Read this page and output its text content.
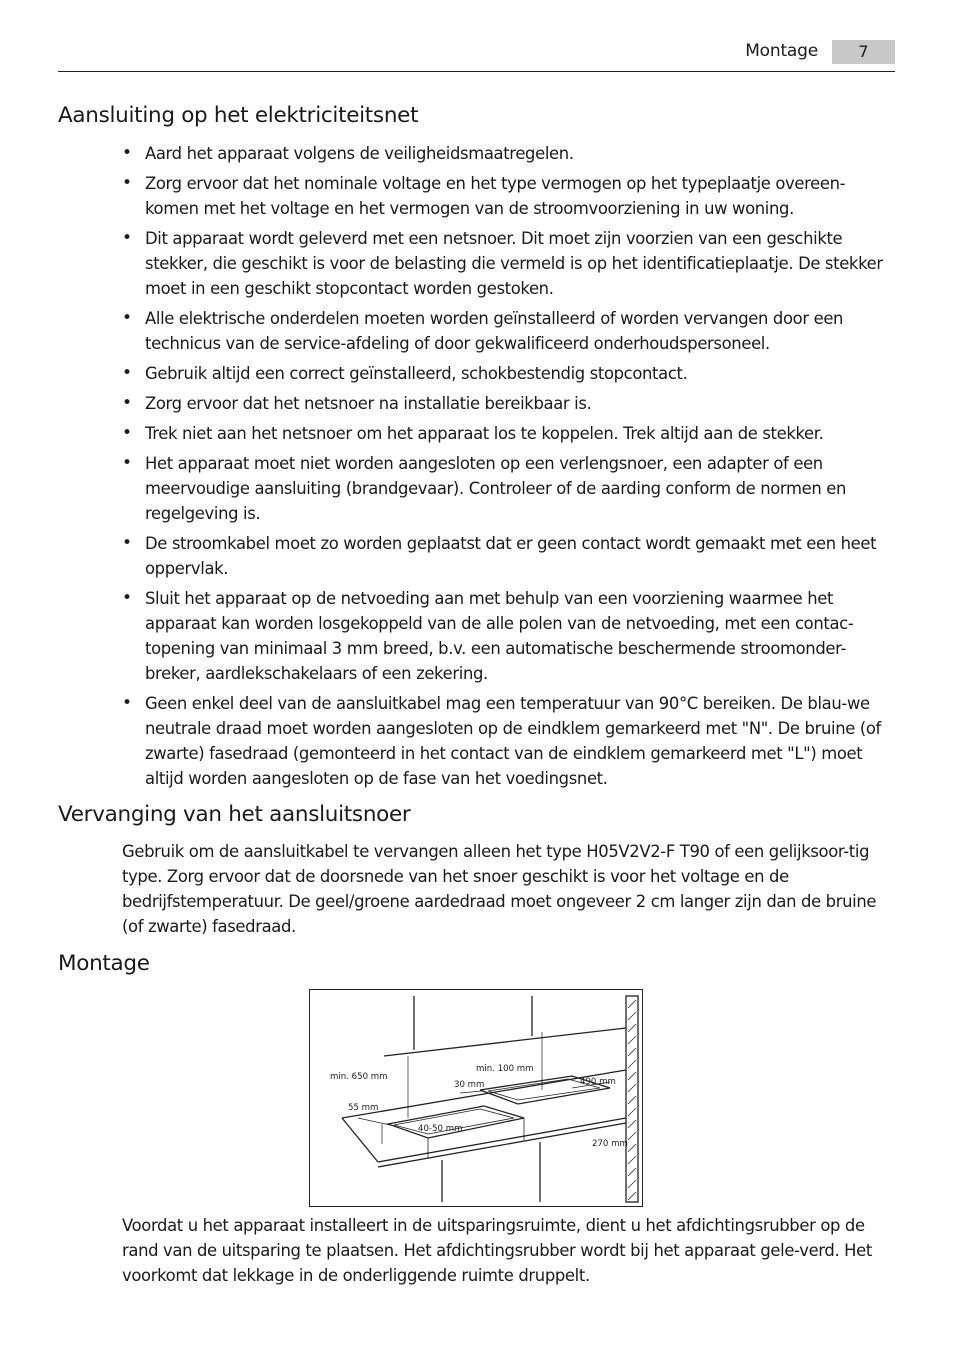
Montage	7
Aansluiting op het elektriciteitsnet
• Aard het apparaat volgens de veiligheidsmaatregelen.
• Zorg ervoor dat het nominale voltage en het type vermogen op het typeplaatje overeen-komen met het voltage en het vermogen van de stroomvoorziening in uw woning.
• Dit apparaat wordt geleverd met een netsnoer. Dit moet zijn voorzien van een geschikte stekker, die geschikt is voor de belasting die vermeld is op het identificatieplaatje. De stekker moet in een geschikt stopcontact worden gestoken.
• Alle elektrische onderdelen moeten worden geïnstalleerd of worden vervangen door een technicus van de service-afdeling of door gekwalificeerd onderhoudspersoneel.
• Gebruik altijd een correct geïnstalleerd, schokbestendig stopcontact.
• Zorg ervoor dat het netsnoer na installatie bereikbaar is.
• Trek niet aan het netsnoer om het apparaat los te koppelen. Trek altijd aan de stekker.
• Het apparaat moet niet worden aangesloten op een verlengsnoer, een adapter of een meervoudige aansluiting (brandgevaar). Controleer of de aarding conform de normen en regelgeving is.
• De stroomkabel moet zo worden geplaatst dat er geen contact wordt gemaakt met een heet oppervlak.
• Sluit het apparaat op de netvoeding aan met behulp van een voorziening waarmee het apparaat kan worden losgekoppeld van de alle polen van de netvoeding, met een contac-topening van minimaal 3 mm breed, b.v. een automatische beschermende stroomonder-breker, aardlekschakelaars of een zekering.
• Geen enkel deel van de aansluitkabel mag een temperatuur van 90°C bereiken. De blau-we neutrale draad moet worden aangesloten op de eindklem gemarkeerd met "N". De bruine (of zwarte) fasedraad (gemonteerd in het contact van de eindklem gemarkeerd met "L") moet altijd worden aangesloten op de fase van het voedingsnet.
Vervanging van het aansluitsnoer

Gebruik om de aansluitkabel te vervangen alleen het type H05V2V2-F T90 of een gelijksoor-tig type. Zorg ervoor dat de doorsnede van het snoer geschikt is voor het voltage en de bedrijfstemperatuur. De geel/groene aardedraad moet ongeveer 2 cm langer zijn dan de bruine (of zwarte) fasedraad.

Montage
min. 650 mm
min. 100 mm
30 mm	490 mm
55 mm
40-50 mm
270 mm

Voordat u het apparaat installeert in de uitsparingsruimte, dient u het afdichtingsrubber op de rand van de uitsparing te plaatsen. Het afdichtingsrubber wordt bij het apparaat gele-verd. Het voorkomt dat lekkage in de onderliggende ruimte druppelt.
